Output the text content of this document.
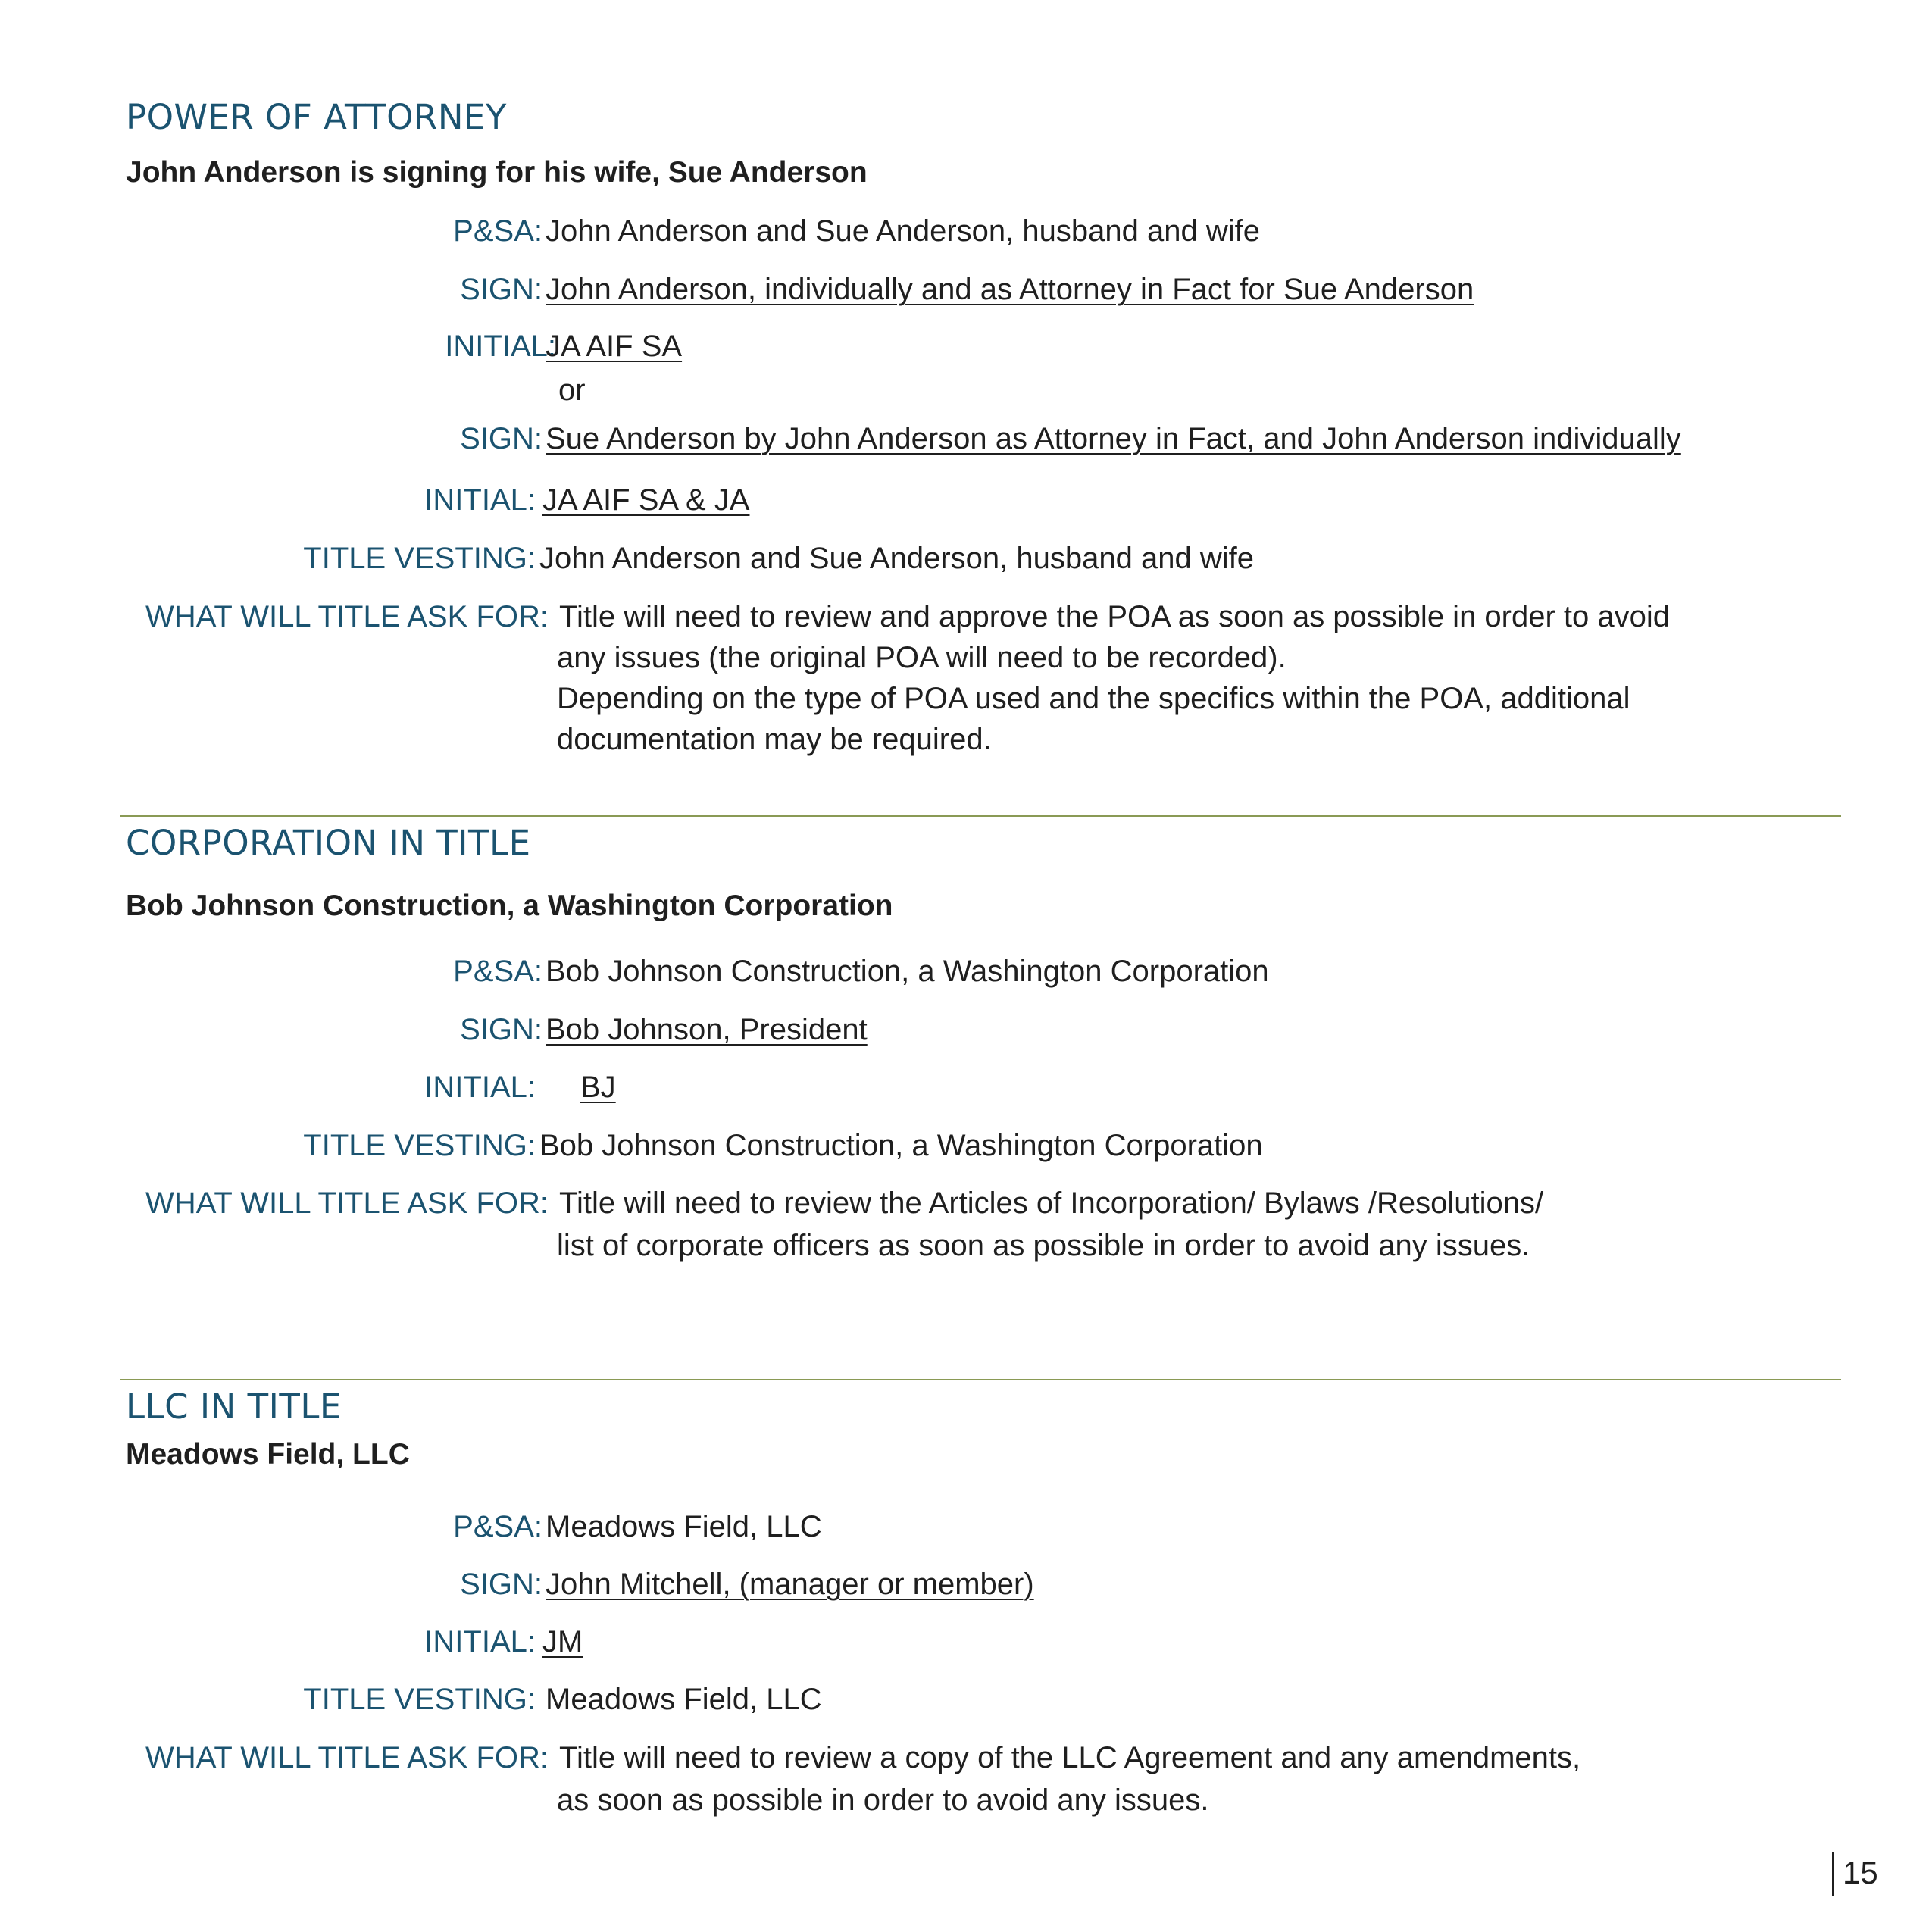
POWER OF ATTORNEY
John Anderson is signing for his wife, Sue Anderson
P&SA: John Anderson and Sue Anderson, husband and wife
SIGN: John Anderson, individually and as Attorney in Fact for Sue Anderson
INITIAL:
JA AIF SA
or
SIGN: Sue Anderson by John Anderson as Attorney in Fact, and John Anderson individually
INITIAL: JA AIF SA & JA
TITLE VESTING: John Anderson and Sue Anderson, husband and wife
WHAT WILL TITLE ASK FOR: Title will need to review and approve the POA as soon as possible in order to avoid
any issues (the original POA will need to be recorded).
Depending on the type of POA used and the specifics within the POA, additional
documentation may be required.
CORPORATION IN TITLE
Bob Johnson Construction, a Washington Corporation
P&SA: Bob Johnson Construction, a Washington Corporation
SIGN: Bob Johnson, President
INITIAL:	BJ
TITLE VESTING: Bob Johnson Construction, a Washington Corporation
WHAT WILL TITLE ASK FOR: Title will need to review the Articles of Incorporation/ Bylaws /Resolutions/
list of corporate officers as soon as possible in order to avoid any issues.
LLC IN TITLE
Meadows Field, LLC
P&SA: Meadows Field, LLC
SIGN: John Mitchell, (manager or member)
INITIAL: JM
TITLE VESTING: Meadows Field, LLC
WHAT WILL TITLE ASK FOR: Title will need to review a copy of the LLC Agreement and any amendments,
as soon as possible in order to avoid any issues.
15
